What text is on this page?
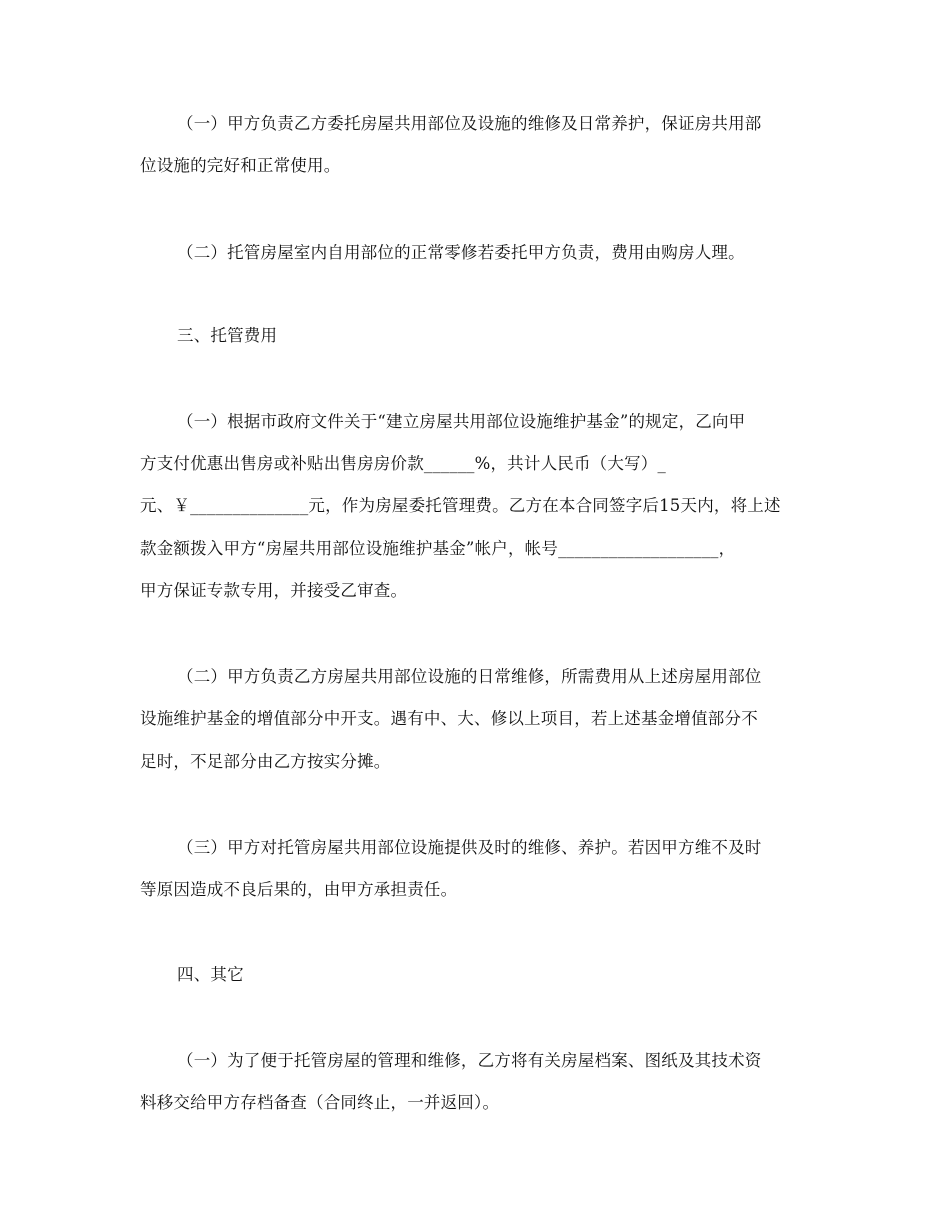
（一）甲方负责乙方委托房屋共用部位及设施的维修及日常养护，保证房共用部
位设施的完好和正常使用。
（二）托管房屋室内自用部位的正常零修若委托甲方负责，费用由购房人理。
三、托管费用
（一）根据市政府文件关于“建立房屋共用部位设施维护基金”的规定，乙向甲
方支付优惠出售房或补贴出售房房价款______%，共计人民币（大写）_
元、￥______________元，作为房屋委托管理费。乙方在本合同签字后15天内，将上述
款金额拨入甲方“房屋共用部位设施维护基金”帐户，帐号___________________，
甲方保证专款专用，并接受乙审查。
（二）甲方负责乙方房屋共用部位设施的日常维修，所需费用从上述房屋用部位
设施维护基金的增值部分中开支。遇有中、大、修以上项目，若上述基金增值部分不
足时，不足部分由乙方按实分摊。
（三）甲方对托管房屋共用部位设施提供及时的维修、养护。若因甲方维不及时
等原因造成不良后果的，由甲方承担责任。
四、其它
（一）为了便于托管房屋的管理和维修，乙方将有关房屋档案、图纸及其技术资
料移交给甲方存档备查（合同终止，一并返回）。
